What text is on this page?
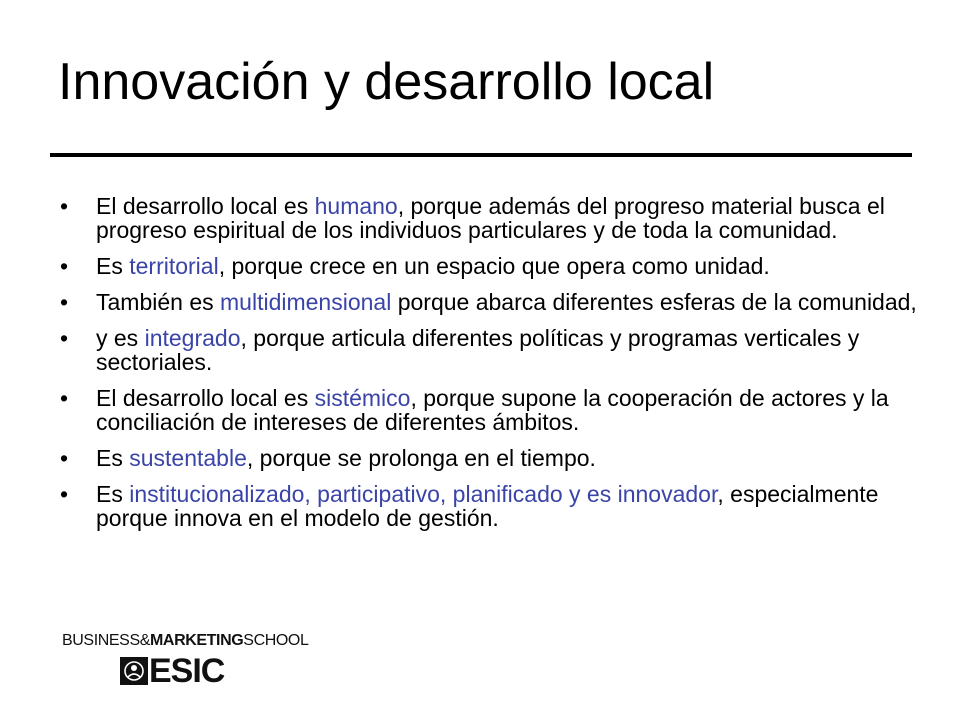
Innovación y desarrollo local
• El desarrollo local es humano, porque además del progreso material busca el progreso espiritual de los individuos particulares y de toda la comunidad.
• Es territorial, porque crece en un espacio que opera como unidad.
• También es multidimensional porque abarca diferentes esferas de la comunidad,
• y es integrado, porque articula diferentes políticas y programas verticales y sectoriales.
• El desarrollo local es sistémico, porque supone la cooperación de actores y la conciliación de intereses de diferentes ámbitos.
• Es sustentable, porque se prolonga en el tiempo.
• Es institucionalizado, participativo, planificado y es innovador, especialmente porque innova en el modelo de gestión.
BUSINESS&MARKETINGSCHOOL
ESIC
